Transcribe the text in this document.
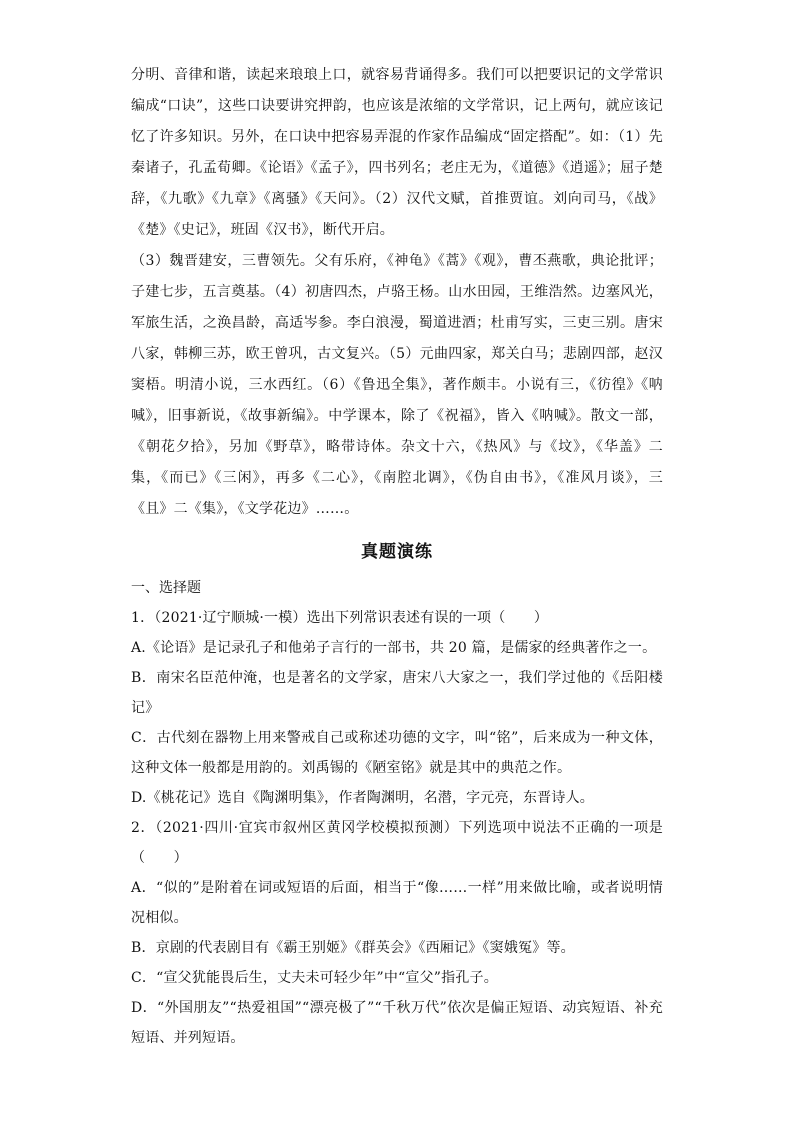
分明、音律和谐，读起来琅琅上口，就容易背诵得多。我们可以把要识记的文学常识编成“口诀”，这些口诀要讲究押韵，也应该是浓缩的文学常识，记上两句，就应该记忆了许多知识。另外，在口诀中把容易弄混的作家作品编成“固定搭配”。如：（1）先秦诸子，孔孟荀卿。《论语》《孟子》，四书列名；老庄无为，《道德》《逍遥》；屈子楚辞，《九歌》《九章》《离骚》《天问》。（2）汉代文赋，首推贾谊。刘向司马，《战》《楚》《史记》，班固《汉书》，断代开启。

（3）魏晋建安，三曹领先。父有乐府，《神龟》《蒿》《观》，曹丕燕歌，典论批评；子建七步，五言奠基。（4）初唐四杰，卢骆王杨。山水田园，王维浩然。边塞风光，军旅生活，之涣昌龄，高适岑参。李白浪漫，蜀道进酒；杜甫写实，三吏三别。唐宋八家，韩柳三苏，欧王曾巩，古文复兴。（5）元曲四家，郑关白马；悲剧四部，赵汉窦梧。明清小说，三水西红。（6）《鲁迅全集》，著作颇丰。小说有三，《彷徨》《呐喊》，旧事新说，《故事新编》。中学课本，除了《祝福》，皆入《呐喊》。散文一部，《朝花夕拾》，另加《野草》，略带诗体。杂文十六，《热风》与《坟》，《华盖》二集，《而已》《三闲》，再多《二心》，《南腔北调》，《伪自由书》，《准风月谈》，三《且》二《集》，《文学花边》……。

真题演练
一、选择题

1．（2021·辽宁顺城·一模）选出下列常识表述有误的一项（　　）

A.《论语》是记录孔子和他弟子言行的一部书，共 20 篇，是儒家的经典著作之一。

B．南宋名臣范仲淹，也是著名的文学家，唐宋八大家之一，我们学过他的《岳阳楼记》

C．古代刻在器物上用来警戒自己或称述功德的文字，叫“铭”，后来成为一种文体，这种文体一般都是用韵的。刘禹锡的《陋室铭》就是其中的典范之作。

D.《桃花记》选自《陶渊明集》，作者陶渊明，名潜，字元亮，东晋诗人。

2．（2021·四川·宜宾市叙州区黄冈学校模拟预测）下列选项中说法不正确的一项是（　　）

A．“似的”是附着在词或短语的后面，相当于“像……一样”用来做比喻，或者说明情况相似。

B．京剧的代表剧目有《霸王别姬》《群英会》《西厢记》《窦娥冤》等。

C．“宣父犹能畏后生，丈夫未可轻少年”中“宣父”指孔子。

D．“外国朋友”“热爱祖国”“漂亮极了”“千秋万代”依次是偏正短语、动宾短语、补充短语、并列短语。
